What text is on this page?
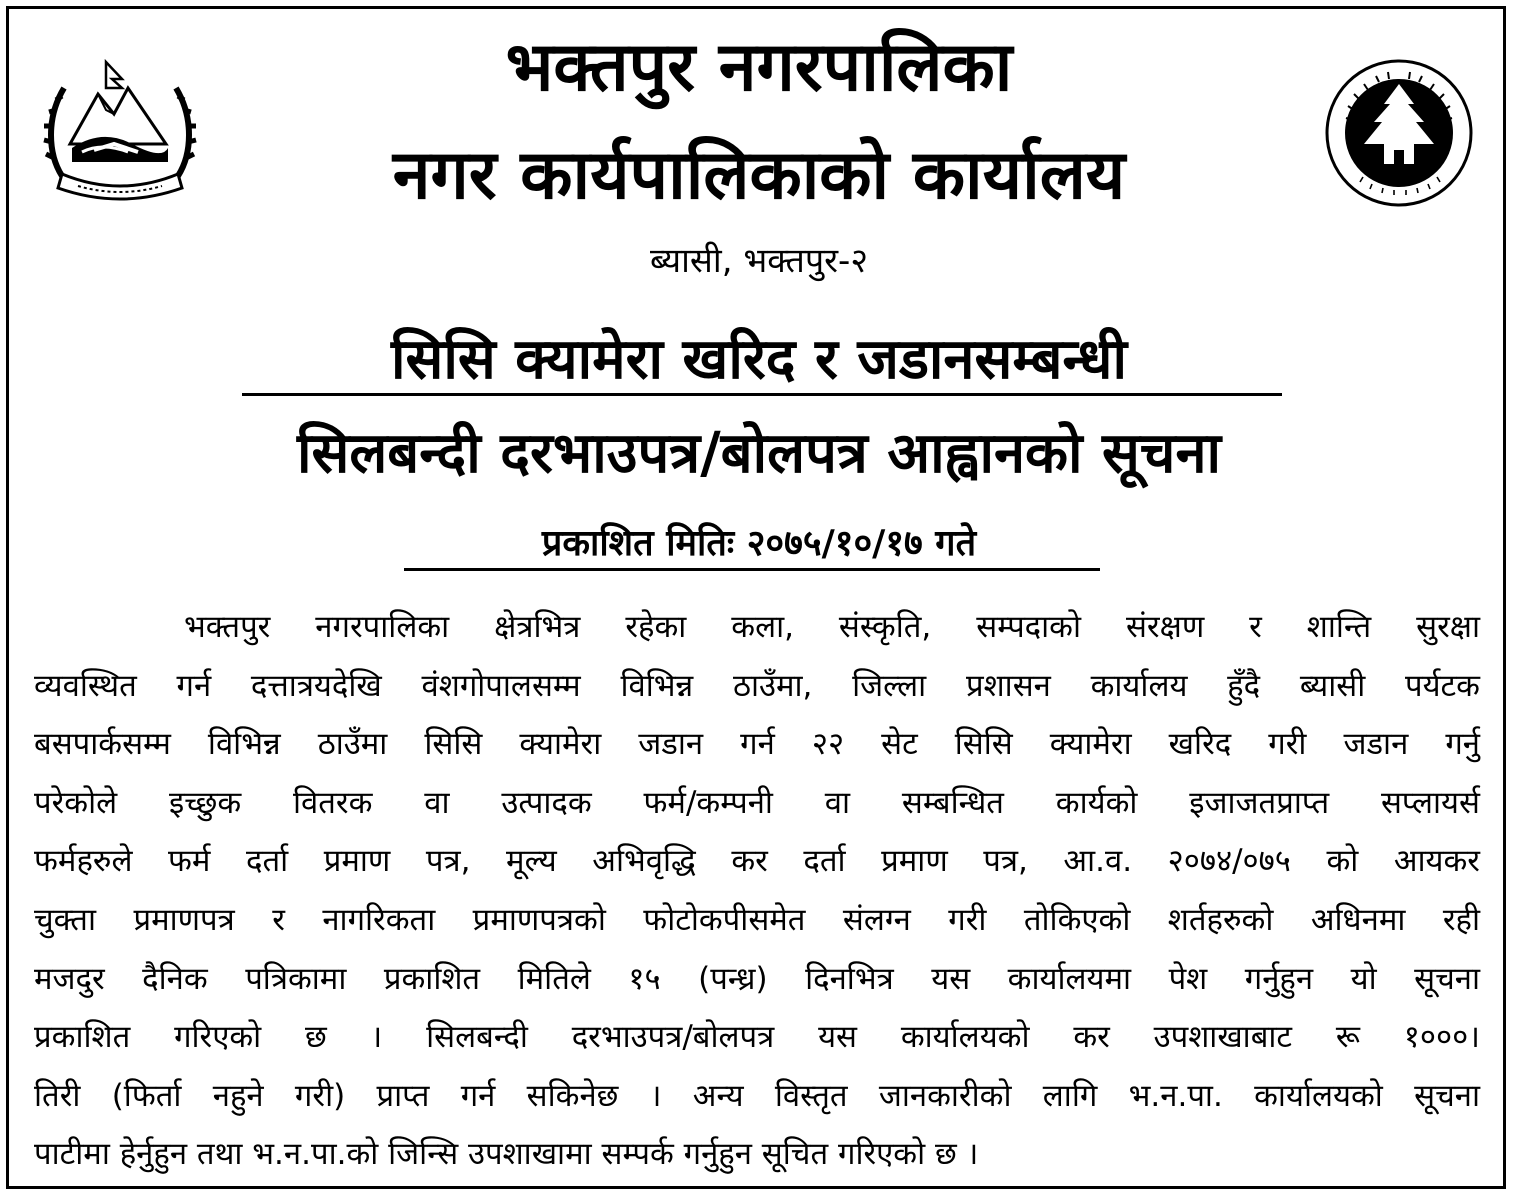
भक्तपुर नगरपालिका
नगर कार्यपालिकाको कार्यालय
ब्यासी, भक्तपुर-२
सिसि क्यामेरा खरिद र जडानसम्बन्धी
सिलबन्दी दरभाउपत्र/बोलपत्र आह्वानको सूचना
प्रकाशित मितिः २०७५/१०/१७ गते
भक्तपुर नगरपालिका क्षेत्रभित्र रहेका कला, संस्कृति, सम्पदाको संरक्षण र शान्ति सुरक्षा
व्यवस्थित गर्न दत्तात्रयदेखि वंशगोपालसम्म विभिन्न ठाउँमा, जिल्ला प्रशासन कार्यालय हुँदै ब्यासी पर्यटक
बसपार्कसम्म विभिन्न ठाउँमा सिसि क्यामेरा जडान गर्न २२ सेट सिसि क्यामेरा खरिद गरी जडान गर्नु
परेकोले इच्छुक वितरक वा उत्पादक फर्म/कम्पनी वा सम्बन्धित कार्यको इजाजतप्राप्त सप्लायर्स
फर्महरुले फर्म दर्ता प्रमाण पत्र, मूल्य अभिवृद्धि कर दर्ता प्रमाण पत्र, आ.व. २०७४/०७५ को आयकर
चुक्ता प्रमाणपत्र र नागरिकता प्रमाणपत्रको फोटोकपीसमेत संलग्न गरी तोकिएको शर्तहरुको अधिनमा रही
मजदुर दैनिक पत्रिकामा प्रकाशित मितिले १५ (पन्ध्र) दिनभित्र यस कार्यालयमा पेश गर्नुहुन यो सूचना
प्रकाशित गरिएको छ । सिलबन्दी दरभाउपत्र/बोलपत्र यस कार्यालयको कर उपशाखाबाट रू १०००।
तिरी (फिर्ता नहुने गरी) प्राप्त गर्न सकिनेछ । अन्य विस्तृत जानकारीको लागि भ.न.पा. कार्यालयको सूचना
पाटीमा हेर्नुहुन तथा भ.न.पा.को जिन्सि उपशाखामा सम्पर्क गर्नुहुन सूचित गरिएको छ ।
